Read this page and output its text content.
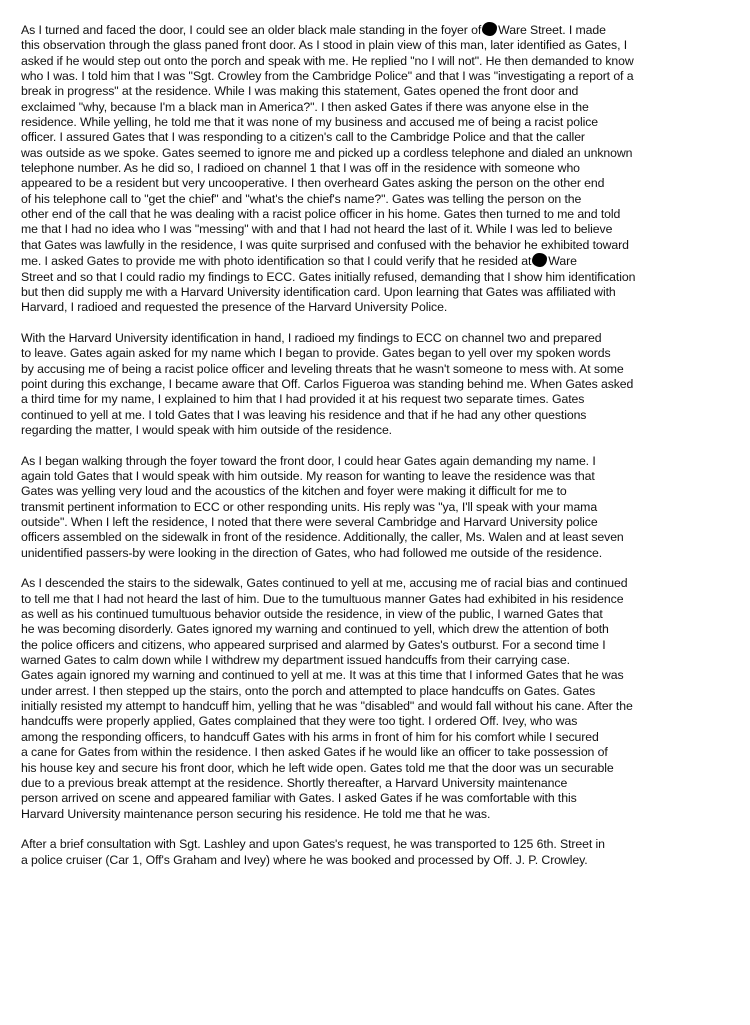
As I turned and faced the door, I could see an older black male standing in the foyer of Ware Street. I made
this observation through the glass paned front door. As I stood in plain view of this man, later identified as Gates, I
asked if he would step out onto the porch and speak with me. He replied "no I will not". He then demanded to know
who I was. I told him that I was "Sgt. Crowley from the Cambridge Police" and that I was "investigating a report of a
break in progress" at the residence. While I was making this statement, Gates opened the front door and
exclaimed "why, because I'm a black man in America?". I then asked Gates if there was anyone else in the
residence. While yelling, he told me that it was none of my business and accused me of being a racist police
officer. I assured Gates that I was responding to a citizen's call to the Cambridge Police and that the caller
was outside as we spoke. Gates seemed to ignore me and picked up a cordless telephone and dialed an unknown
telephone number. As he did so, I radioed on channel 1 that I was off in the residence with someone who
appeared to be a resident but very uncooperative. I then overheard Gates asking the person on the other end
of his telephone call to "get the chief" and "what's the chief's name?". Gates was telling the person on the
other end of the call that he was dealing with a racist police officer in his home. Gates then turned to me and told
me that I had no idea who I was "messing" with and that I had not heard the last of it. While I was led to believe
that Gates was lawfully in the residence, I was quite surprised and confused with the behavior he exhibited toward
me. I asked Gates to provide me with photo identification so that I could verify that he resided at Ware
Street and so that I could radio my findings to ECC. Gates initially refused, demanding that I show him identification
but then did supply me with a Harvard University identification card. Upon learning that Gates was affiliated with
Harvard, I radioed and requested the presence of the Harvard University Police.

With the Harvard University identification in hand, I radioed my findings to ECC on channel two and prepared
to leave. Gates again asked for my name which I began to provide. Gates began to yell over my spoken words
by accusing me of being a racist police officer and leveling threats that he wasn't someone to mess with. At some
point during this exchange, I became aware that Off. Carlos Figueroa was standing behind me. When Gates asked
a third time for my name, I explained to him that I had provided it at his request two separate times. Gates
continued to yell at me. I told Gates that I was leaving his residence and that if he had any other questions
regarding the matter, I would speak with him outside of the residence.

As I began walking through the foyer toward the front door, I could hear Gates again demanding my name. I
again told Gates that I would speak with him outside. My reason for wanting to leave the residence was that
Gates was yelling very loud and the acoustics of the kitchen and foyer were making it difficult for me to
transmit pertinent information to ECC or other responding units. His reply was "ya, I'll speak with your mama
outside". When I left the residence, I noted that there were several Cambridge and Harvard University police
officers assembled on the sidewalk in front of the residence. Additionally, the caller, Ms. Walen and at least seven
unidentified passers-by were looking in the direction of Gates, who had followed me outside of the residence.

As I descended the stairs to the sidewalk, Gates continued to yell at me, accusing me of racial bias and continued
to tell me that I had not heard the last of him. Due to the tumultuous manner Gates had exhibited in his residence
as well as his continued tumultuous behavior outside the residence, in view of the public, I warned Gates that
he was becoming disorderly. Gates ignored my warning and continued to yell, which drew the attention of both
the police officers and citizens, who appeared surprised and alarmed by Gates's outburst. For a second time I
warned Gates to calm down while I withdrew my department issued handcuffs from their carrying case.
Gates again ignored my warning and continued to yell at me. It was at this time that I informed Gates that he was
under arrest. I then stepped up the stairs, onto the porch and attempted to place handcuffs on Gates. Gates
initially resisted my attempt to handcuff him, yelling that he was "disabled" and would fall without his cane. After the
handcuffs were properly applied, Gates complained that they were too tight. I ordered Off. Ivey, who was
among the responding officers, to handcuff Gates with his arms in front of him for his comfort while I secured
a cane for Gates from within the residence. I then asked Gates if he would like an officer to take possession of
his house key and secure his front door, which he left wide open. Gates told me that the door was un securable
due to a previous break attempt at the residence. Shortly thereafter, a Harvard University maintenance
person arrived on scene and appeared familiar with Gates. I asked Gates if he was comfortable with this
Harvard University maintenance person securing his residence. He told me that he was.

After a brief consultation with Sgt. Lashley and upon Gates's request, he was transported to 125 6th. Street in
a police cruiser (Car 1, Off's Graham and Ivey) where he was booked and processed by Off. J. P. Crowley.
